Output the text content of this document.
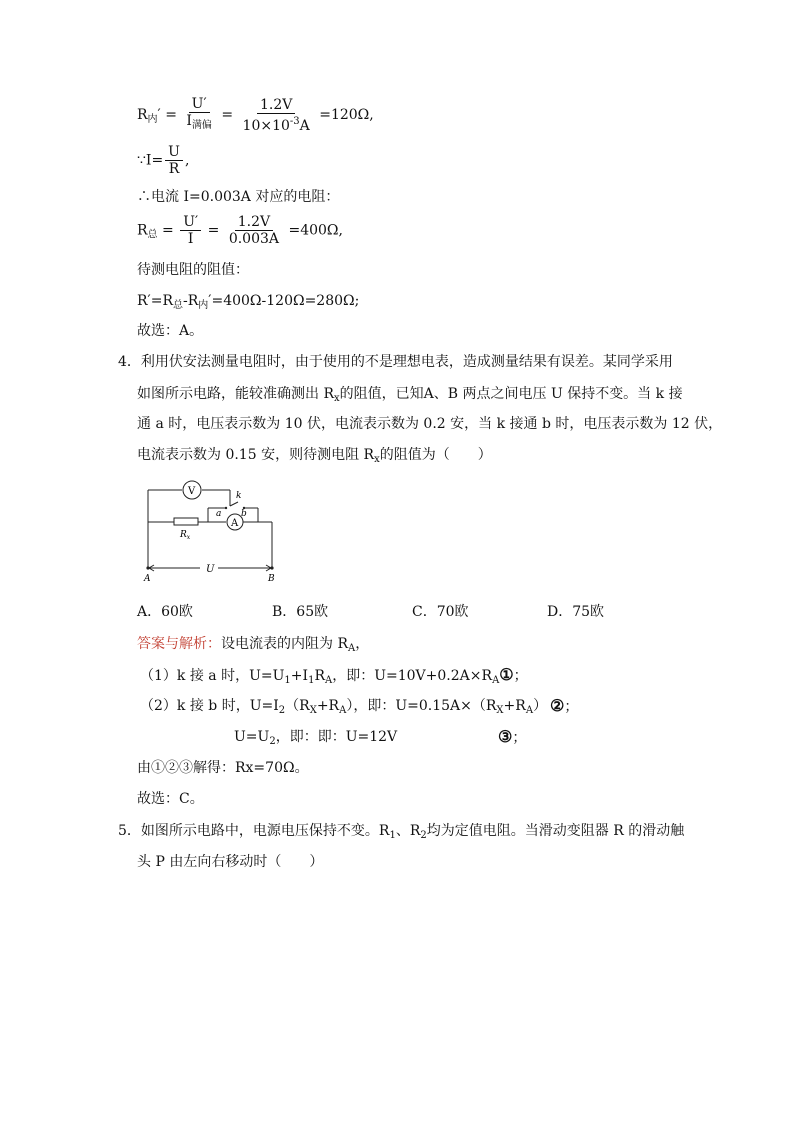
$R_内' = \frac{U'}{I_{满偏}} = \frac{1.2V}{10\times 10^{-3}A} =120\Omega$,
∵I= $\frac{U}{R}$ ,
∴电流 I=0.003A 对应的电阻：
$R_总 = \frac{U'}{I} = \frac{1.2V}{0.003A} =400\Omega$,
待测电阻的阻值：
$R'=R_总-R_内'=400\Omega-120\Omega=280\Omega$;
故选：A。
4．利用伏安法测量电阻时，由于使用的不是理想电表，造成测量结果有误差。某同学采用
如图所示电路，能较准确测出 $R_x$的阻值，已知A、B 两点之间电压 U 保持不变。当 k 接
通 a 时，电压表示数为 10 伏，电流表示数为 0.2 安，当 k 接通 b 时，电压表示数为 12 伏，
电流表示数为 0.15 安，则待测电阻 $R_x$的阻值为（　　）
V
A
k
a b
$R_x$
U
A	B
A．60欧	B．65欧	C．70欧	D．75欧
答案与解析：设电流表的内阻为 $R_A$，
（1）k 接 a 时，$U=U_1+I_1R_A$，即：$U=10V+0.2A\times R_A①$；
（2）k 接 b 时，$U=I_2(R_X+R_A)$，即：$U=0.15A\times(R_X+R_A)$ ②；
$U=U_2$，即：即：U=12V	③；
由①②③解得：Rx=70Ω。
故选：C。
5．如图所示电路中，电源电压保持不变。$R_1$、$R_2$均为定值电阻。当滑动变阻器 R 的滑动触
头 P 由左向右移动时（　　）
